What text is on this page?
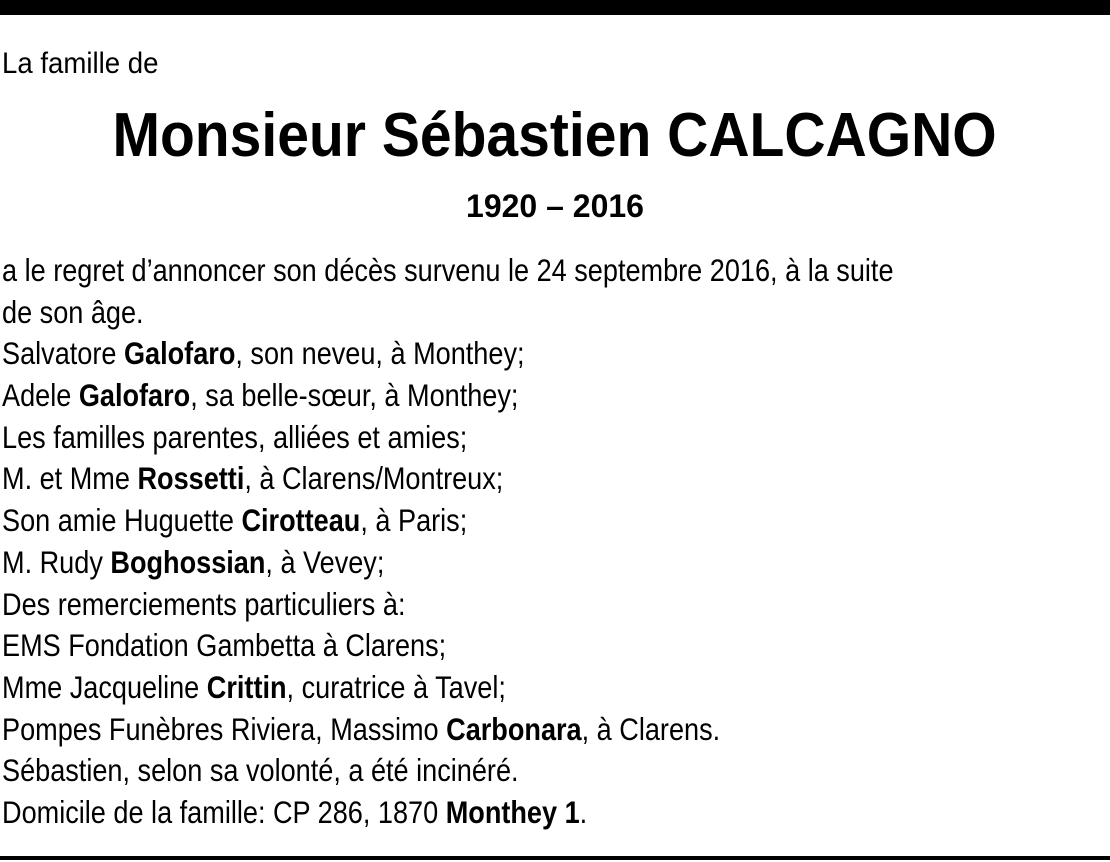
La famille de
Monsieur Sébastien CALCAGNO
1920 – 2016
a le regret d’annoncer son décès survenu le 24 septembre 2016, à la suite
de son âge.
Salvatore Galofaro, son neveu, à Monthey;
Adele Galofaro, sa belle-sœur, à Monthey;
Les familles parentes, alliées et amies;
M. et Mme Rossetti, à Clarens/Montreux;
Son amie Huguette Cirotteau, à Paris;
M. Rudy Boghossian, à Vevey;
Des remerciements particuliers à:
EMS Fondation Gambetta à Clarens;
Mme Jacqueline Crittin, curatrice à Tavel;
Pompes Funèbres Riviera, Massimo Carbonara, à Clarens.
Sébastien, selon sa volonté, a été incinéré.
Domicile de la famille: CP 286, 1870 Monthey 1.
